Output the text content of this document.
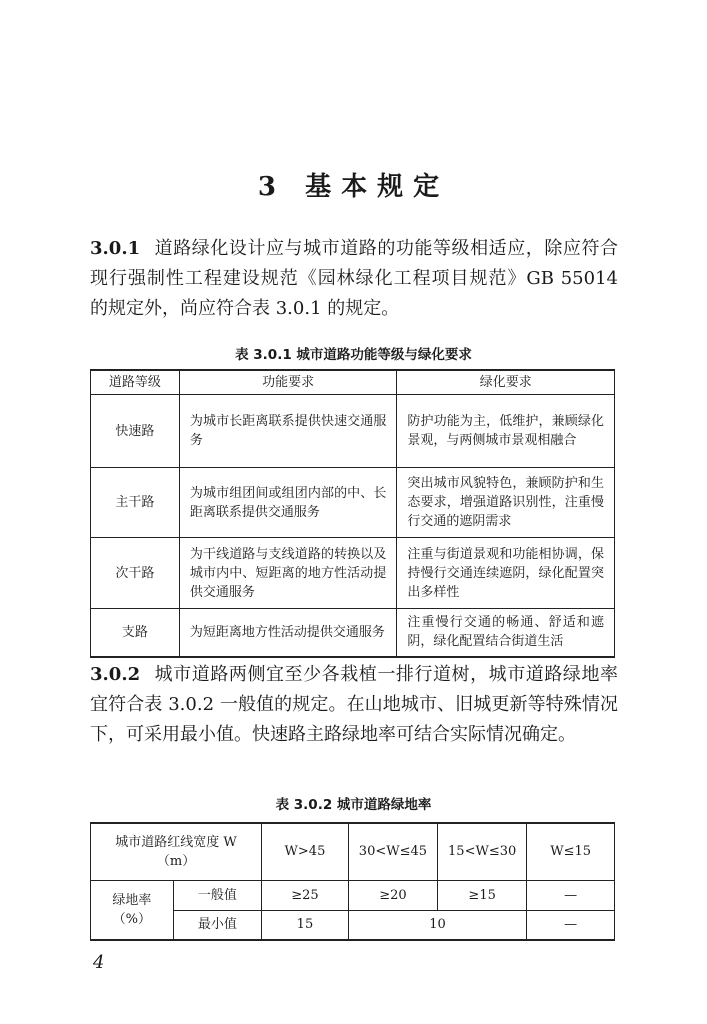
3 基本规定
3.0.1 道路绿化设计应与城市道路的功能等级相适应，除应符合现行强制性工程建设规范《园林绿化工程项目规范》GB 55014 的规定外，尚应符合表 3.0.1 的规定。
表 3.0.1 城市道路功能等级与绿化要求
道路等级	功能要求	绿化要求
快速路	为城市长距离联系提供快速交通服务	防护功能为主，低维护，兼顾绿化景观，与两侧城市景观相融合
主干路	为城市组团间或组团内部的中、长距离联系提供交通服务	突出城市风貌特色，兼顾防护和生态要求，增强道路识别性，注重慢行交通的遮阴需求
次干路	为干线道路与支线道路的转换以及城市内中、短距离的地方性活动提供交通服务	注重与街道景观和功能相协调，保持慢行交通连续遮阴，绿化配置突出多样性
支路	为短距离地方性活动提供交通服务	注重慢行交通的畅通、舒适和遮阴，绿化配置结合街道生活
3.0.2 城市道路两侧宜至少各栽植一排行道树，城市道路绿地率宜符合表 3.0.2 一般值的规定。在山地城市、旧城更新等特殊情况下，可采用最小值。快速路主路绿地率可结合实际情况确定。
表 3.0.2 城市道路绿地率
城市道路红线宽度 W（m）		W>45	30<W≤45	15<W≤30	W≤15
绿地率（%）	一般值	≥25	≥20	≥15	—
	最小值	15	10		—
4
